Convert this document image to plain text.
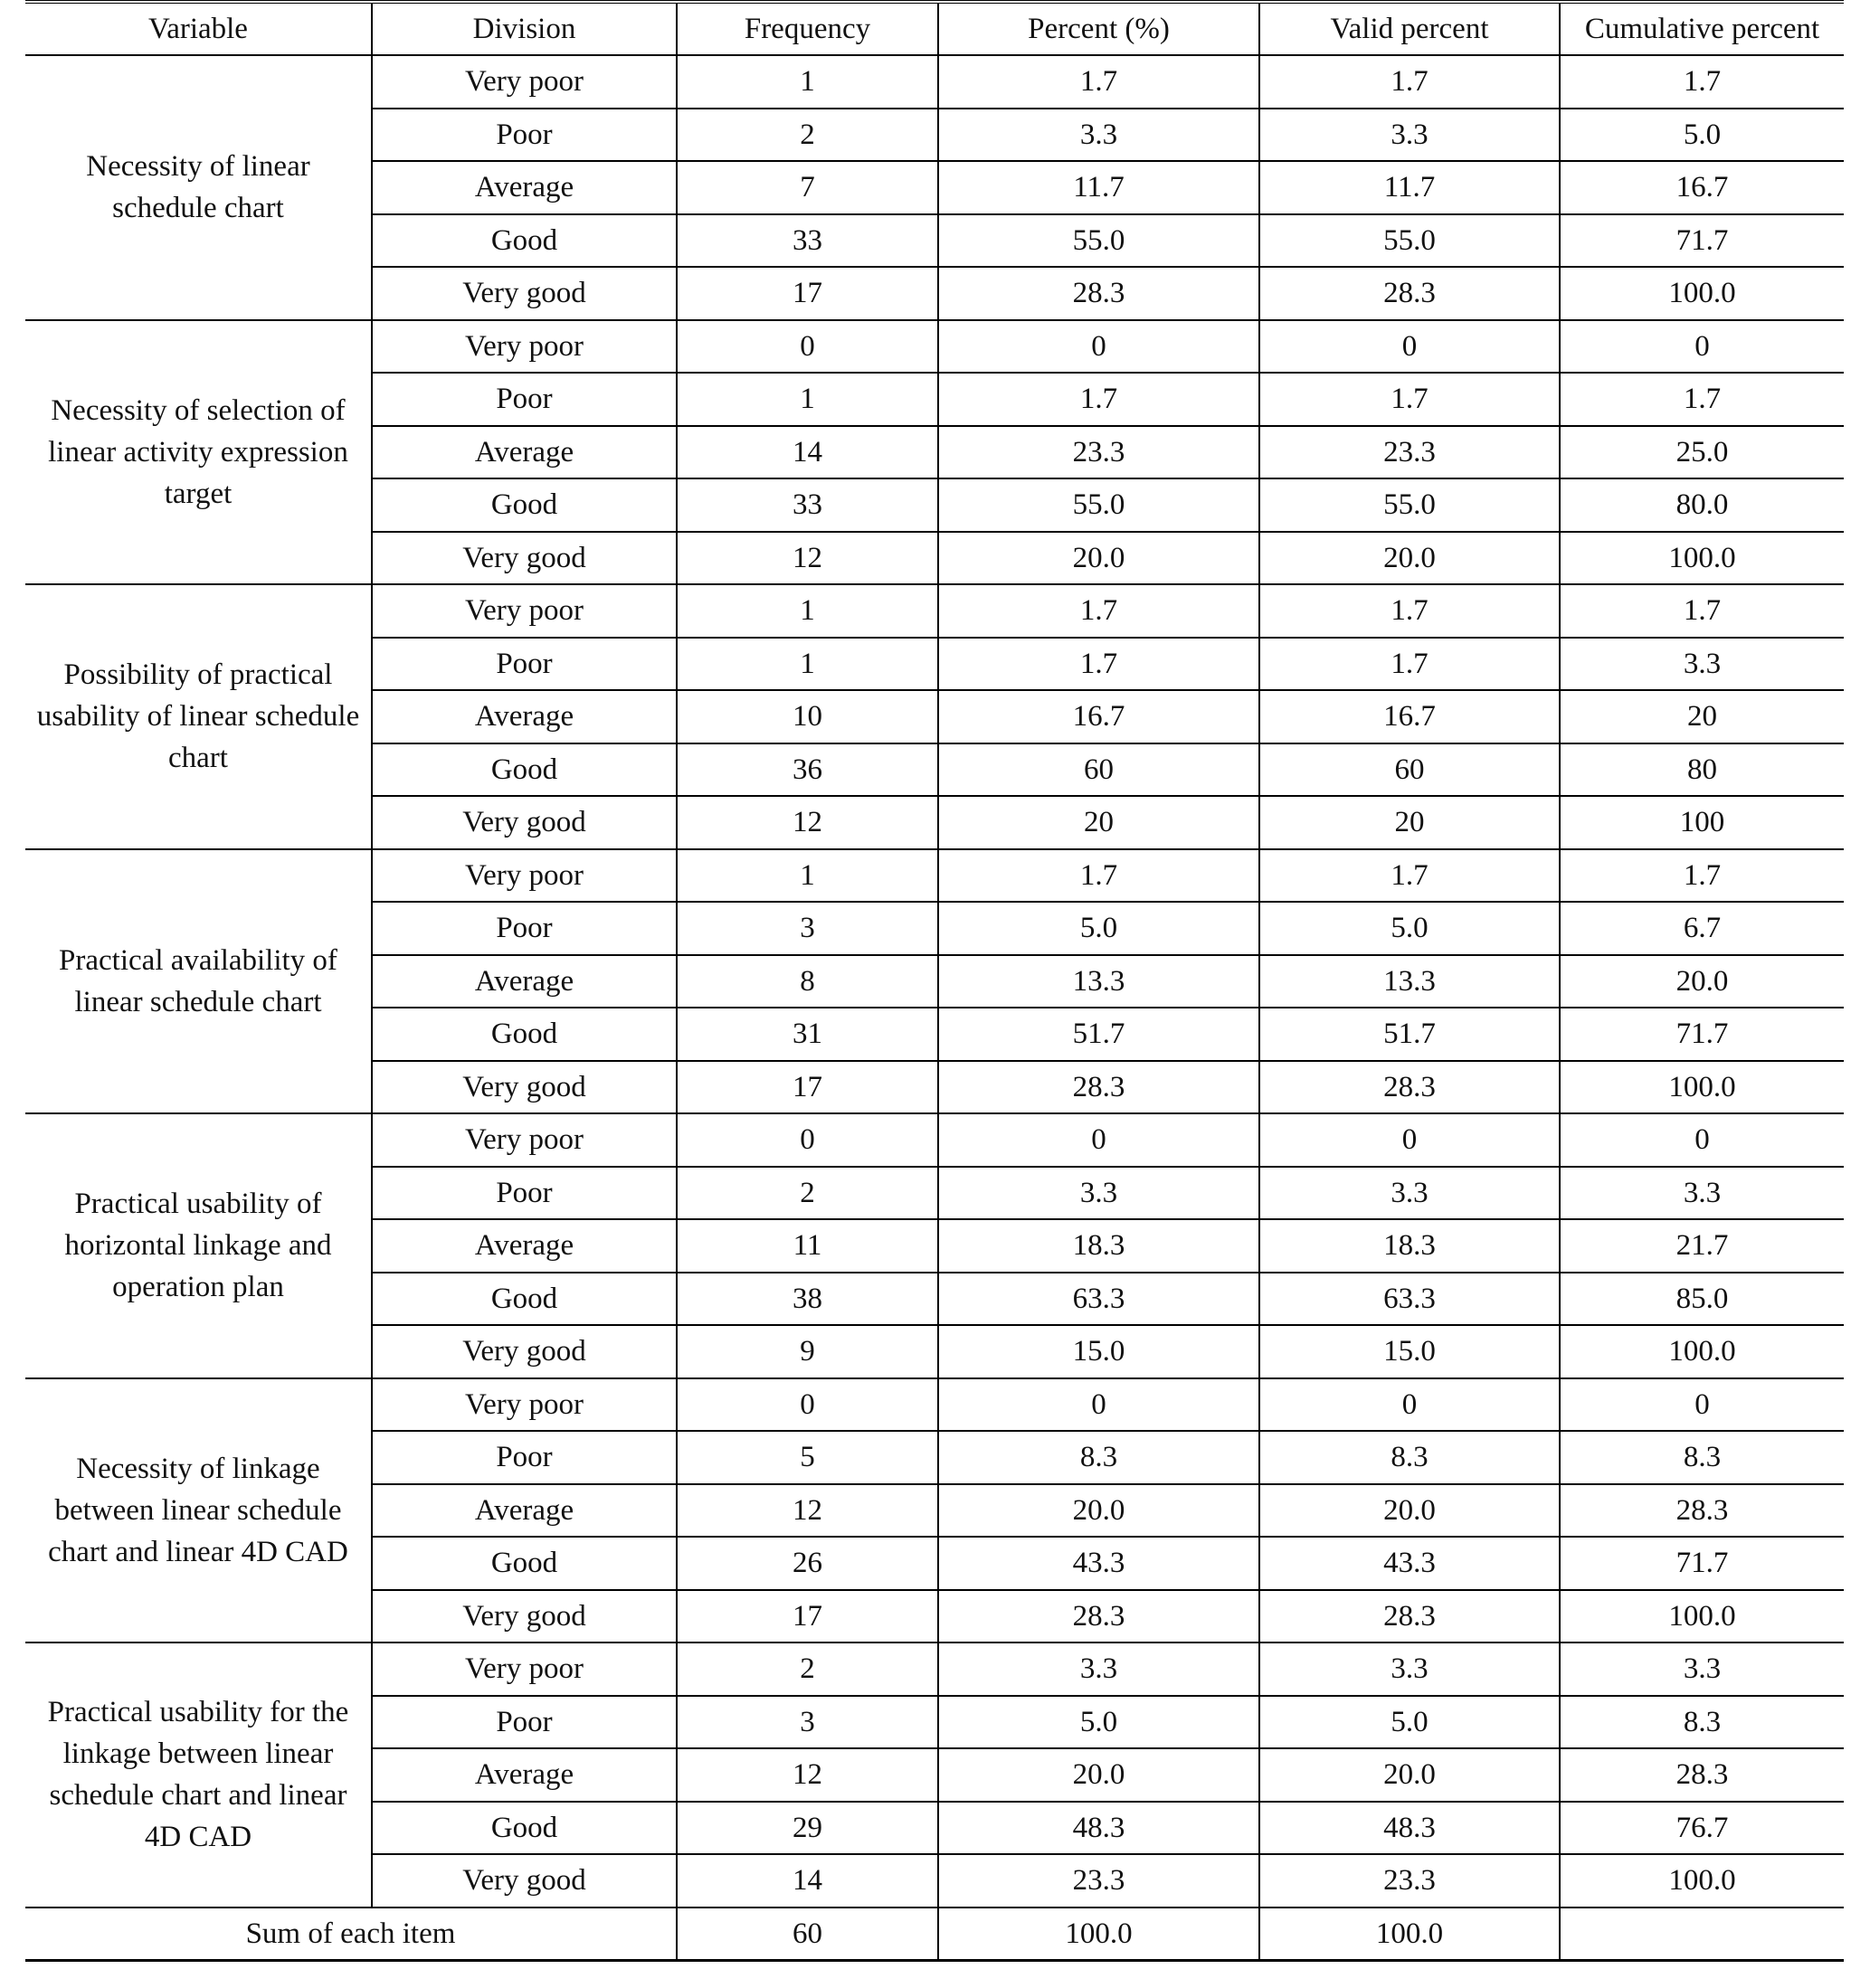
Variable	Division	Frequency	Percent (%)	Valid percent	Cumulative percent
Necessity of linear schedule chart	Very poor	1	1.7	1.7	1.7
	Poor	2	3.3	3.3	5.0
	Average	7	11.7	11.7	16.7
	Good	33	55.0	55.0	71.7
	Very good	17	28.3	28.3	100.0
Necessity of selection of linear activity expression target	Very poor	0	0	0	0
	Poor	1	1.7	1.7	1.7
	Average	14	23.3	23.3	25.0
	Good	33	55.0	55.0	80.0
	Very good	12	20.0	20.0	100.0
Possibility of practical usability of linear schedule chart	Very poor	1	1.7	1.7	1.7
	Poor	1	1.7	1.7	3.3
	Average	10	16.7	16.7	20
	Good	36	60	60	80
	Very good	12	20	20	100
Practical availability of linear schedule chart	Very poor	1	1.7	1.7	1.7
	Poor	3	5.0	5.0	6.7
	Average	8	13.3	13.3	20.0
	Good	31	51.7	51.7	71.7
	Very good	17	28.3	28.3	100.0
Practical usability of horizontal linkage and operation plan	Very poor	0	0	0	0
	Poor	2	3.3	3.3	3.3
	Average	11	18.3	18.3	21.7
	Good	38	63.3	63.3	85.0
	Very good	9	15.0	15.0	100.0
Necessity of linkage between linear schedule chart and linear 4D CAD	Very poor	0	0	0	0
	Poor	5	8.3	8.3	8.3
	Average	12	20.0	20.0	28.3
	Good	26	43.3	43.3	71.7
	Very good	17	28.3	28.3	100.0
Practical usability for the linkage between linear schedule chart and linear 4D CAD	Very poor	2	3.3	3.3	3.3
	Poor	3	5.0	5.0	8.3
	Average	12	20.0	20.0	28.3
	Good	29	48.3	48.3	76.7
	Very good	14	23.3	23.3	100.0
Sum of each item		60	100.0	100.0	
